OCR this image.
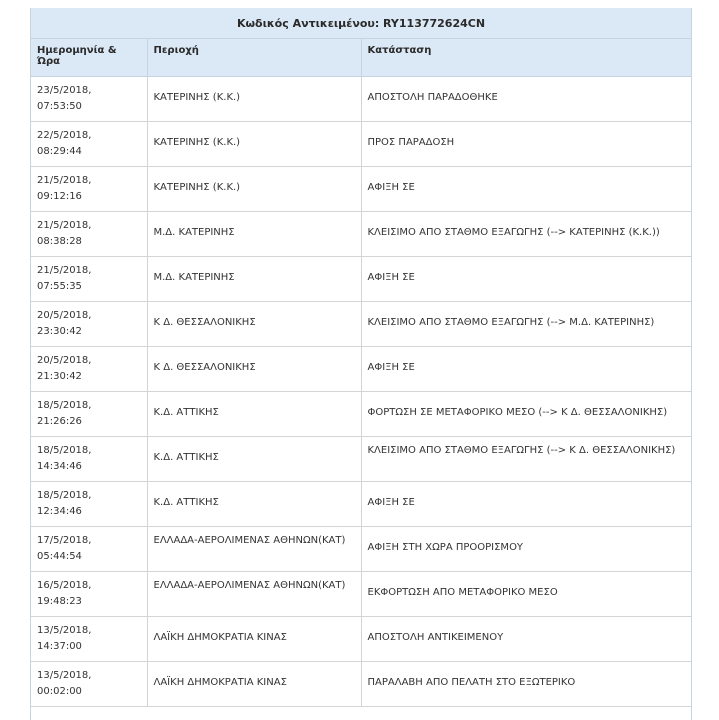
Κωδικός Αντικειμένου: RY113772624CN		
Ημερομηνία & Ώρα	Περιοχή	Κατάσταση
23/5/2018,
07:53:50	ΚΑΤΕΡΙΝΗΣ (Κ.Κ.)	ΑΠΟΣΤΟΛΗ ΠΑΡΑΔΟΘΗΚΕ
22/5/2018,
08:29:44	ΚΑΤΕΡΙΝΗΣ (Κ.Κ.)	ΠΡΟΣ ΠΑΡΑΔΟΣΗ
21/5/2018,
09:12:16	ΚΑΤΕΡΙΝΗΣ (Κ.Κ.)	ΑΦΙΞΗ ΣΕ
21/5/2018,
08:38:28	Μ.Δ. ΚΑΤΕΡΙΝΗΣ	ΚΛΕΙΣΙΜΟ ΑΠΟ ΣΤΑΘΜΟ ΕΞΑΓΩΓΗΣ (--> ΚΑΤΕΡΙΝΗΣ (Κ.Κ.))
21/5/2018,
07:55:35	Μ.Δ. ΚΑΤΕΡΙΝΗΣ	ΑΦΙΞΗ ΣΕ
20/5/2018,
23:30:42	Κ Δ. ΘΕΣΣΑΛΟΝΙΚΗΣ	ΚΛΕΙΣΙΜΟ ΑΠΟ ΣΤΑΘΜΟ ΕΞΑΓΩΓΗΣ (--> Μ.Δ. ΚΑΤΕΡΙΝΗΣ)
20/5/2018,
21:30:42	Κ Δ. ΘΕΣΣΑΛΟΝΙΚΗΣ	ΑΦΙΞΗ ΣΕ
18/5/2018,
21:26:26	Κ.Δ. ΑΤΤΙΚΗΣ	ΦΟΡΤΩΣΗ ΣΕ ΜΕΤΑΦΟΡΙΚΟ ΜΕΣΟ (--> Κ Δ. ΘΕΣΣΑΛΟΝΙΚΗΣ)
18/5/2018,
14:34:46	Κ.Δ. ΑΤΤΙΚΗΣ	ΚΛΕΙΣΙΜΟ ΑΠΟ ΣΤΑΘΜΟ ΕΞΑΓΩΓΗΣ (--> Κ Δ. ΘΕΣΣΑΛΟΝΙΚΗΣ)
18/5/2018,
12:34:46	Κ.Δ. ΑΤΤΙΚΗΣ	ΑΦΙΞΗ ΣΕ
17/5/2018,
05:44:54	ΕΛΛΑΔΑ-ΑΕΡΟΛΙΜΕΝΑΣ ΑΘΗΝΩΝ(ΚΑΤ)	ΑΦΙΞΗ ΣΤΗ ΧΩΡΑ ΠΡΟΟΡΙΣΜΟΥ
16/5/2018,
19:48:23	ΕΛΛΑΔΑ-ΑΕΡΟΛΙΜΕΝΑΣ ΑΘΗΝΩΝ(ΚΑΤ)	ΕΚΦΟΡΤΩΣΗ ΑΠΟ ΜΕΤΑΦΟΡΙΚΟ ΜΕΣΟ
13/5/2018,
14:37:00	ΛΑΪΚΗ ΔΗΜΟΚΡΑΤΙΑ ΚΙΝΑΣ	ΑΠΟΣΤΟΛΗ ΑΝΤΙΚΕΙΜΕΝΟΥ
13/5/2018,
00:02:00	ΛΑΪΚΗ ΔΗΜΟΚΡΑΤΙΑ ΚΙΝΑΣ	ΠΑΡΑΛΑΒΗ ΑΠΟ ΠΕΛΑΤΗ ΣΤΟ ΕΞΩΤΕΡΙΚΟ
